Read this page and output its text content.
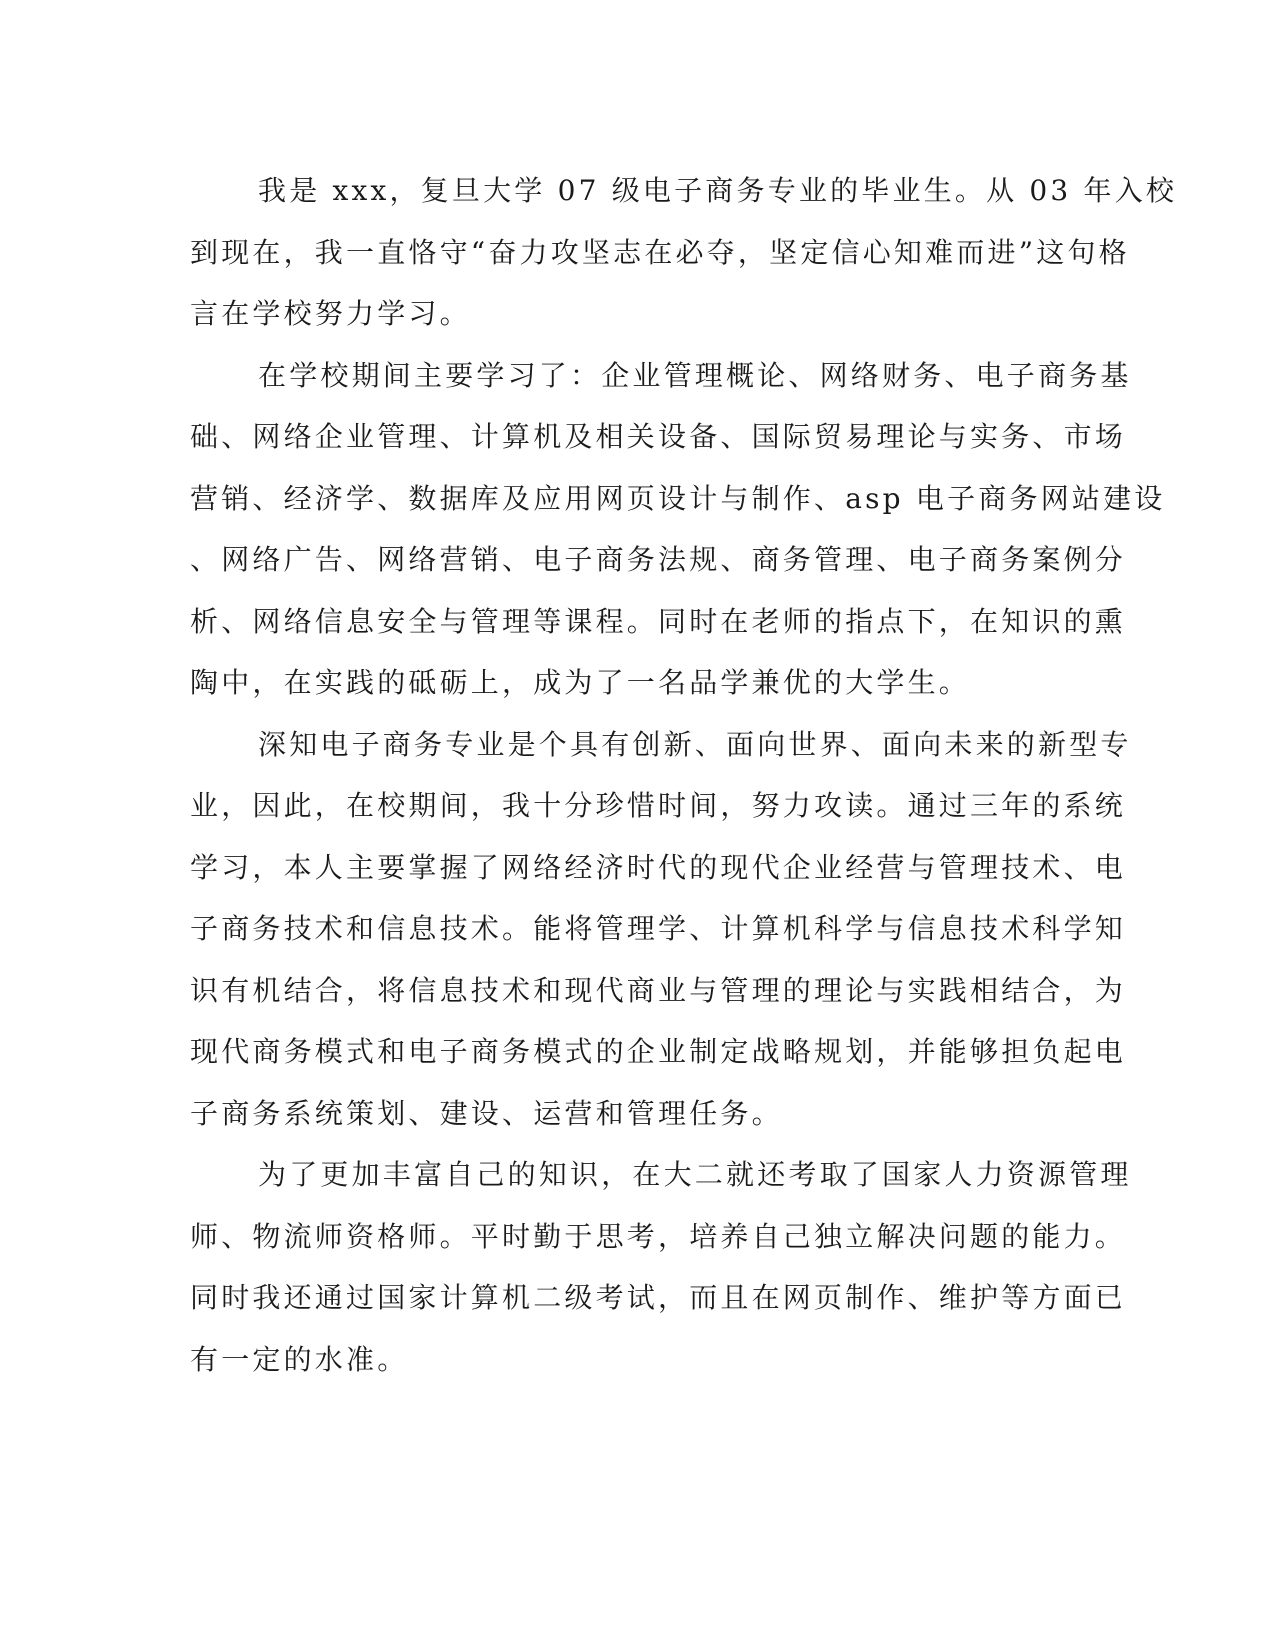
我是 xxx，复旦大学 07 级电子商务专业的毕业生。从 03 年入校
到现在，我一直恪守“奋力攻坚志在必夺，坚定信心知难而进”这句格
言在学校努力学习。
在学校期间主要学习了：企业管理概论、网络财务、电子商务基
础、网络企业管理、计算机及相关设备、国际贸易理论与实务、市场
营销、经济学、数据库及应用网页设计与制作、asp 电子商务网站建设
、网络广告、网络营销、电子商务法规、商务管理、电子商务案例分
析、网络信息安全与管理等课程。同时在老师的指点下，在知识的熏
陶中，在实践的砥砺上，成为了一名品学兼优的大学生。
深知电子商务专业是个具有创新、面向世界、面向未来的新型专
业，因此，在校期间，我十分珍惜时间，努力攻读。通过三年的系统
学习，本人主要掌握了网络经济时代的现代企业经营与管理技术、电
子商务技术和信息技术。能将管理学、计算机科学与信息技术科学知
识有机结合，将信息技术和现代商业与管理的理论与实践相结合，为
现代商务模式和电子商务模式的企业制定战略规划，并能够担负起电
子商务系统策划、建设、运营和管理任务。
为了更加丰富自己的知识，在大二就还考取了国家人力资源管理
师、物流师资格师。平时勤于思考，培养自己独立解决问题的能力。
同时我还通过国家计算机二级考试，而且在网页制作、维护等方面已
有一定的水准。
